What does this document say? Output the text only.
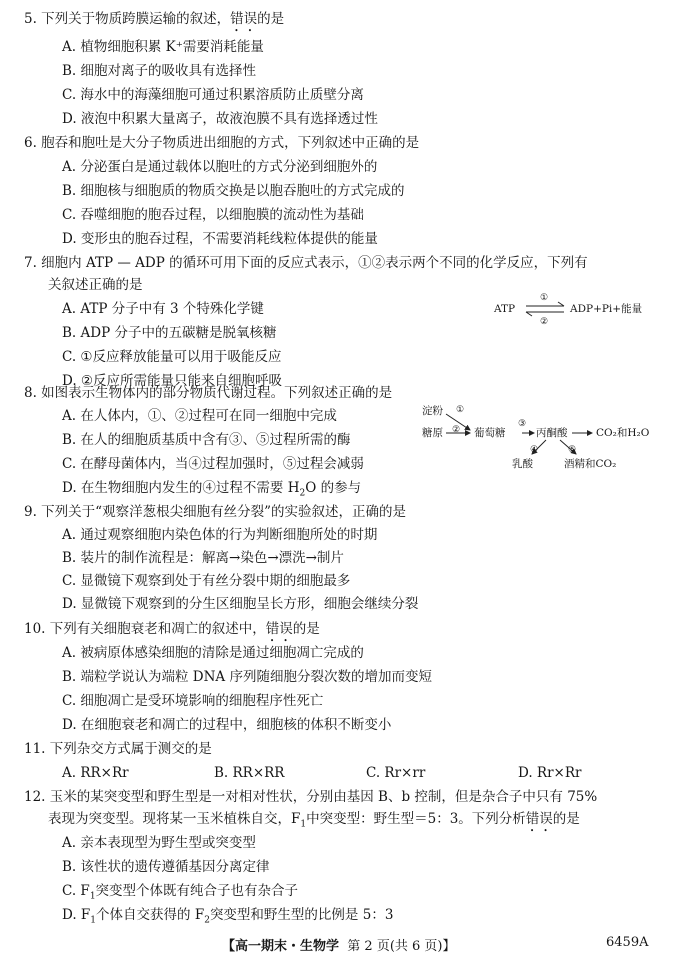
5. 下列关于物质跨膜运输的叙述，错误的是
A. 植物细胞积累 K⁺需要消耗能量
B. 细胞对离子的吸收具有选择性
C. 海水中的海藻细胞可通过积累溶质防止质壁分离
D. 液泡中积累大量离子，故液泡膜不具有选择透过性
6. 胞吞和胞吐是大分子物质进出细胞的方式，下列叙述中正确的是
A. 分泌蛋白是通过载体以胞吐的方式分泌到细胞外的
B. 细胞核与细胞质的物质交换是以胞吞胞吐的方式完成的
C. 吞噬细胞的胞吞过程，以细胞膜的流动性为基础
D. 变形虫的胞吞过程，不需要消耗线粒体提供的能量
7. 细胞内 ATP — ADP 的循环可用下面的反应式表示，①②表示两个不同的化学反应，下列有
关叙述正确的是
A. ATP 分子中有 3 个特殊化学键
B. ADP 分子中的五碳糖是脱氧核糖
C. ①反应释放能量可以用于吸能反应
D. ②反应所需能量只能来自细胞呼吸
ATP ⇌
①
②
ADP+Pi+能量
8. 如图表示生物体内的部分物质代谢过程。下列叙述正确的是
A. 在人体内，①、②过程可在同一细胞中完成
B. 在人的细胞质基质中含有③、⑤过程所需的酶
C. 在酵母菌体内，当④过程加强时，⑤过程会减弱
D. 在生物细胞内发生的④过程不需要 $H_2O$ 的参与
淀粉
糖原
①
② 葡萄糖
③
丙酮酸	CO₂和H₂O
④	⑤
乳酸	酒精和CO₂
9. 下列关于“观察洋葱根尖细胞有丝分裂”的实验叙述，正确的是
A. 通过观察细胞内染色体的行为判断细胞所处的时期
B. 装片的制作流程是：解离→染色→漂洗→制片
C. 显微镜下观察到处于有丝分裂中期的细胞最多
D. 显微镜下观察到的分生区细胞呈长方形，细胞会继续分裂
10. 下列有关细胞衰老和凋亡的叙述中，错误的是
A. 被病原体感染细胞的清除是通过细胞凋亡完成的
B. 端粒学说认为端粒 DNA 序列随细胞分裂次数的增加而变短
C. 细胞凋亡是受环境影响的细胞程序性死亡
D. 在细胞衰老和凋亡的过程中，细胞核的体积不断变小
11. 下列杂交方式属于测交的是
A. RR×Rr	B. RR×RR	C. Rr×rr	D. Rr×Rr
12. 玉米的某突变型和野生型是一对相对性状，分别由基因 B、b 控制，但是杂合子中只有 75%
表现为突变型。现将某一玉米植株自交，$F_1$中突变型：野生型＝5：3。下列分析错误的是
A. 亲本表现型为野生型或突变型
B. 该性状的遗传遵循基因分离定律
C. $F_1$突变型个体既有纯合子也有杂合子
D. $F_1$个体自交获得的 $F_2$突变型和野生型的比例是 5：3
【高一期末・生物学 第 2 页(共 6 页)】	6459A
